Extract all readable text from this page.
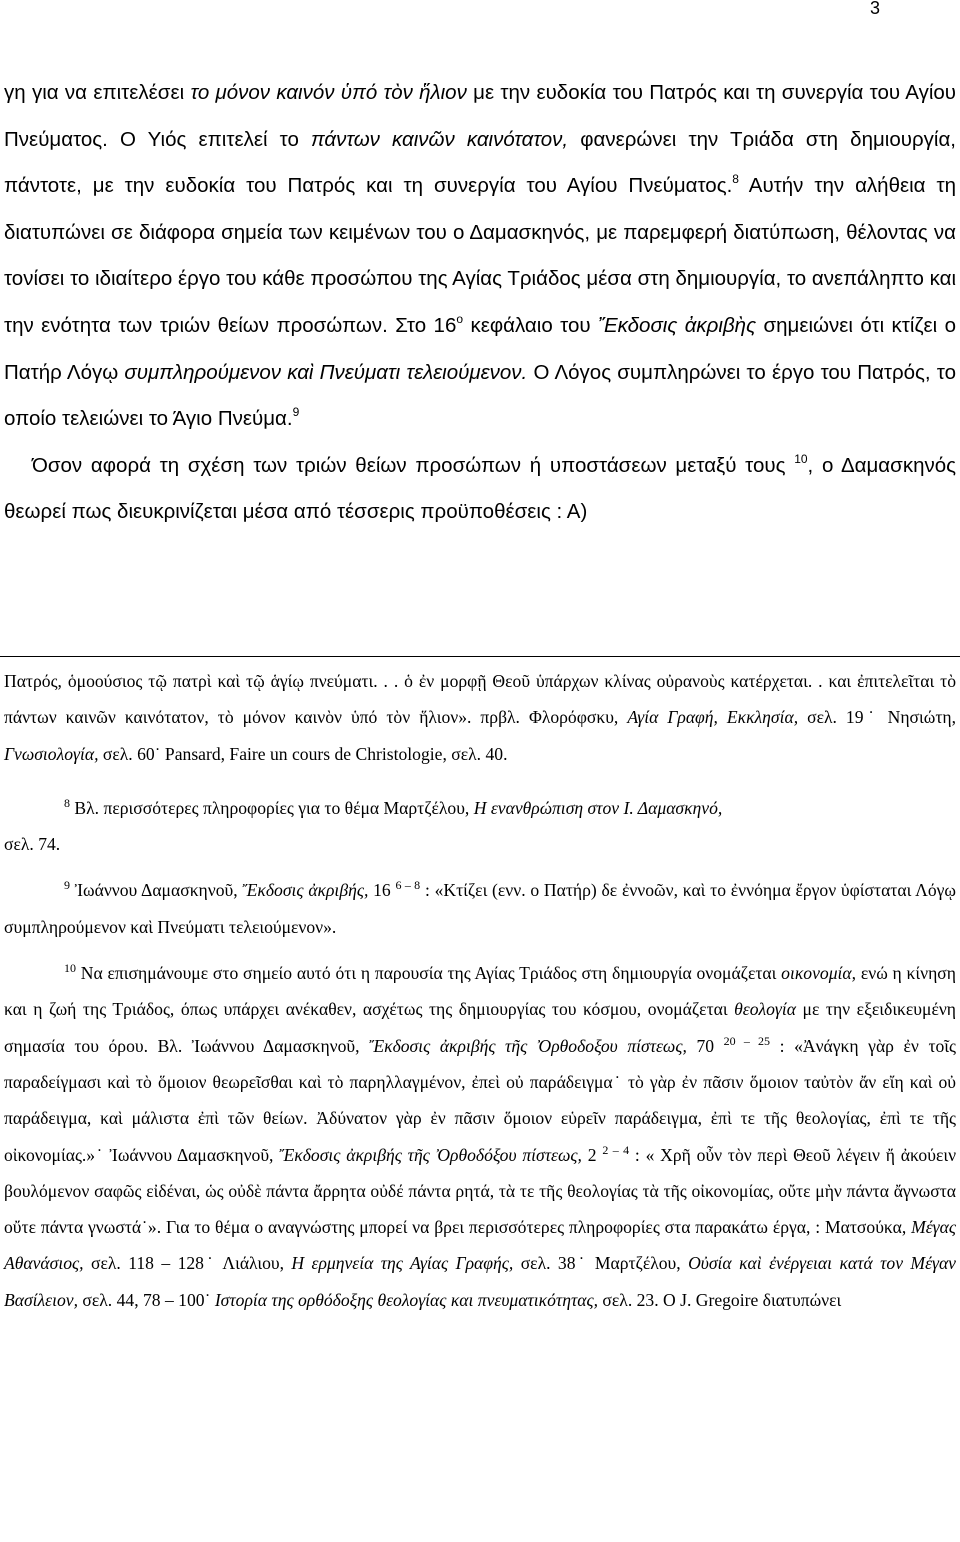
3

γη για να επιτελέσει το μόνον καινόν ὑπό τὸν ἥλιον με την ευδοκία του Πατρός και τη συνεργία του Αγίου Πνεύματος. Ο Υιός επιτελεί το πάντων καινῶν καινότατον, φανερώνει την Τριάδα στη δημιουργία, πάντοτε, με την ευδοκία του Πατρός και τη συνεργία του Αγίου Πνεύματος.$^8$ Αυτήν την αλήθεια τη διατυπώνει σε διάφορα σημεία των κειμένων του ο Δαμασκηνός, με παρεμφερή διατύπωση, θέλοντας να τονίσει το ιδιαίτερο έργο του κάθε προσώπου της Αγίας Τριάδος μέσα στη δημιουργία, το ανεπάληπτο και την ενότητα των τριών θείων προσώπων. Στο $16^o$ κεφάλαιο του Ἔκδοσις ἀκριβὴς σημειώνει ότι κτίζει ο Πατήρ Λόγῳ συμπληρούμενον καὶ Πνεύματι τελειούμενον. Ο Λόγος συμπληρώνει το έργο του Πατρός, το οποίο τελειώνει το Άγιο Πνεύμα.$^9$

Όσον αφορά τη σχέση των τριών θείων προσώπων ή υποστάσεων μεταξύ τους $^{10}$, ο Δαμασκηνός θεωρεί πως διευκρινίζεται μέσα από τέσσερις προϋποθέσεις : Α)

Πατρός, ὁμοούσιος τῷ πατρὶ καὶ τῷ ἁγίῳ πνεύματι. . . ὁ ἐν μορφῇ Θεοῦ ὑπάρχων κλίνας οὐρανοὺς κατέρχεται. . και ἐπιτελεῖται τὸ πάντων καινῶν καινότατον, τὸ μόνον καινὸν ὑπό τὸν ἥλιον». πρβλ. Φλορόφσκυ, Αγία Γραφή, Εκκλησία, σελ. 19˙ Νησιώτη, Γνωσιολογία, σελ. 60˙ Pansard, Faire un cours de Christologie, σελ. 40.

$^8$ Βλ. περισσότερες πληροφορίες για το θέμα Μαρτζέλου, Η ενανθρώπιση στον Ι. Δαμασκηνό,
σελ. 74.

$^9$ Ἰωάννου Δαμασκηνοῦ, Ἔκδοσις ἀκριβής, 16 $^{6 - 8}$ : «Κτίζει (ενν. ο Πατήρ) δε ἐννοῶν, καὶ το ἐννόημα ἔργον ὑφίσταται Λόγῳ συμπληρούμενον καὶ Πνεύματι τελειούμενον».

$^{10}$ Να επισημάνουμε στο σημείο αυτό ότι η παρουσία της Αγίας Τριάδος στη δημιουργία ονομάζεται οικονομία, ενώ η κίνηση και η ζωή της Τριάδος, όπως υπάρχει ανέκαθεν, ασχέτως της δημιουργίας του κόσμου, ονομάζεται θεολογία με την εξειδικευμένη σημασία του όρου. Βλ. Ἰωάννου Δαμασκηνοῦ, Ἔκδοσις ἀκριβής τῆς Ὀρθοδοξου πίστεως, 70 $^{20 - 25}$ : «Ἀνάγκη γὰρ ἐν τοῖς παραδείγμασι καὶ τὸ ὅμοιον θεωρεῖσθαι καὶ τὸ παρηλλαγμένον, ἐπεὶ οὐ παράδειγμα˙ τὸ γὰρ ἐν πᾶσιν ὅμοιον ταὐτὸν ἄν εἴη καὶ οὐ παράδειγμα, καὶ μάλιστα ἐπὶ τῶν θείων. Ἀδύνατον γὰρ ἐν πᾶσιν ὅμοιον εὑρεῖν παράδειγμα, ἐπὶ τε τῆς θεολογίας, ἐπὶ τε τῆς οἰκονομίας.»˙ Ἰωάννου Δαμασκηνοῦ, Ἔκδοσις ἀκριβής τῆς Ὀρθοδόξου πίστεως, 2 $^{2 - 4}$ : « Χρῆ οὖν τὸν περὶ Θεοῦ λέγειν ἤ ἀκούειν βουλόμενον σαφῶς εἰδέναι, ὡς οὐδὲ πάντα ἄρρητα οὐδέ πάντα ρητά, τὰ τε τῆς θεολογίας τὰ τῆς οἰκονομίας, οὔτε μὴν πάντα ἄγνωστα οὔτε πάντα γνωστά˙». Για το θέμα ο αναγνώστης μπορεί να βρει περισσότερες πληροφορίες στα παρακάτω έργα, : Ματσούκα, Μέγας Αθανάσιος, σελ. 118 – 128˙ Λιάλιου, Η ερμηνεία της Αγίας Γραφής, σελ. 38˙ Μαρτζέλου, Οὐσία καὶ ἐνέργειαι κατά τον Μέγαν Βασίλειον, σελ. 44, 78 – 100˙ Ιστορία της ορθόδοξης θεολογίας και πνευματικότητας, σελ. 23. Ο J. Gregoire διατυπώνει
